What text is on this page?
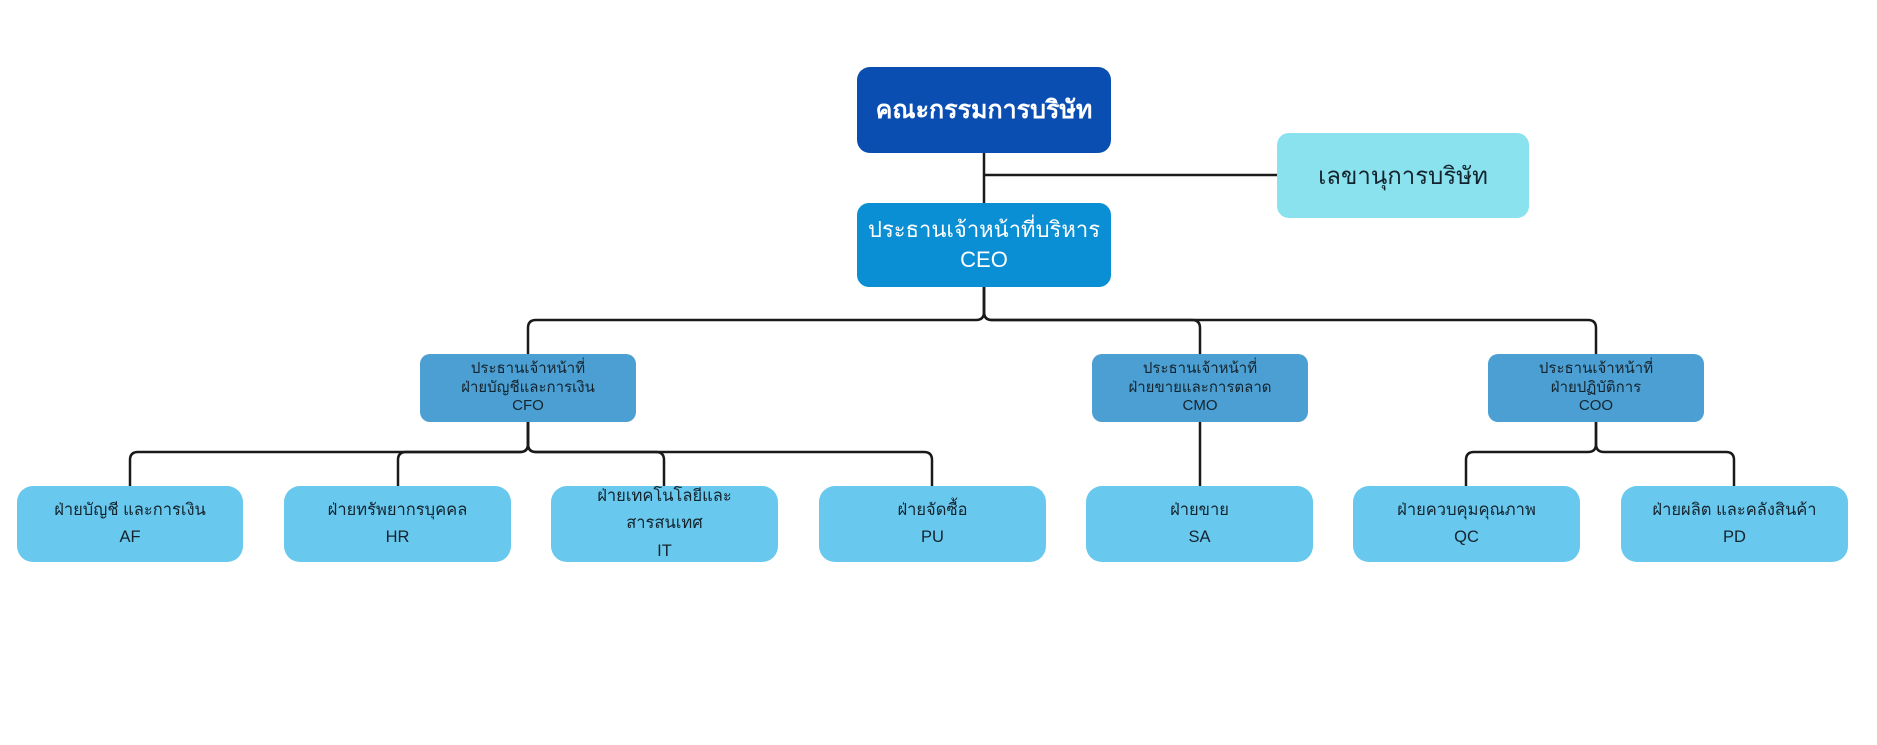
คณะกรรมการบริษัท
เลขานุการบริษัท
ประธานเจ้าหน้าที่บริหาร
CEO
ประธานเจ้าหน้าที่
ฝ่ายบัญชีและการเงิน
CFO
ประธานเจ้าหน้าที่
ฝ่ายขายและการตลาด
CMO
ประธานเจ้าหน้าที่
ฝ่ายปฏิบัติการ
COO
ฝ่ายบัญชี และการเงิน
AF
ฝ่ายทรัพยากรบุคคล
HR
ฝ่ายเทคโนโลยีและสารสนเทศ
IT
ฝ่ายจัดซื้อ
PU
ฝ่ายขาย
SA
ฝ่ายควบคุมคุณภาพ
QC
ฝ่ายผลิต และคลังสินค้า
PD
